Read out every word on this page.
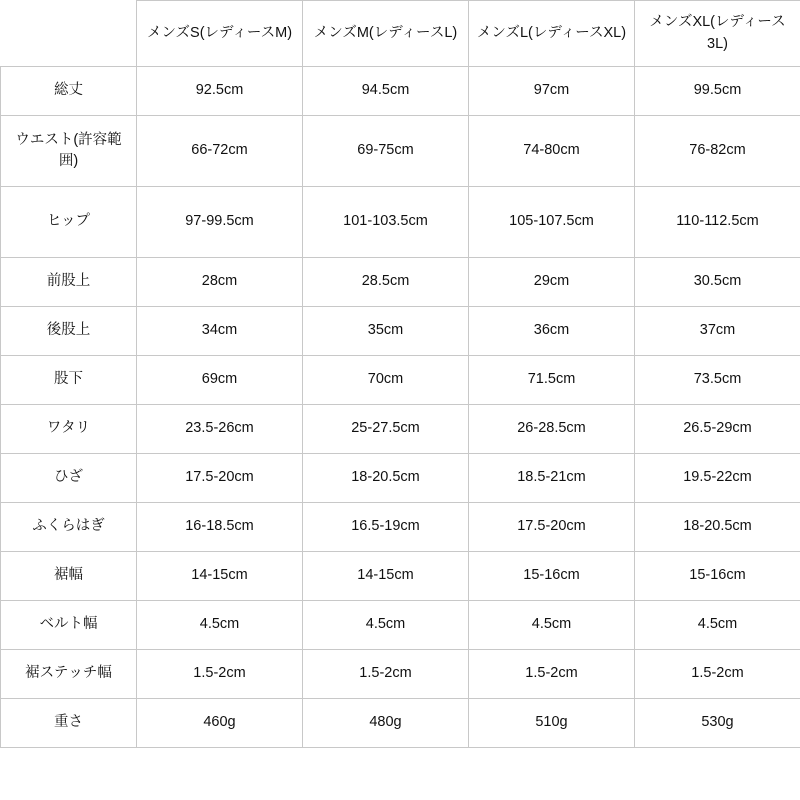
	メンズS(レディースM)	メンズM(レディースL)	メンズL(レディースXL)	メンズXL(レディース3L)
総丈	92.5cm	94.5cm	97cm	99.5cm
ウエスト(許容範囲)	66-72cm	69-75cm	74-80cm	76-82cm
ヒップ	97-99.5cm	101-103.5cm	105-107.5cm	110-112.5cm
前股上	28cm	28.5cm	29cm	30.5cm
後股上	34cm	35cm	36cm	37cm
股下	69cm	70cm	71.5cm	73.5cm
ワタリ	23.5-26cm	25-27.5cm	26-28.5cm	26.5-29cm
ひざ	17.5-20cm	18-20.5cm	18.5-21cm	19.5-22cm
ふくらはぎ	16-18.5cm	16.5-19cm	17.5-20cm	18-20.5cm
裾幅	14-15cm	14-15cm	15-16cm	15-16cm
ベルト幅	4.5cm	4.5cm	4.5cm	4.5cm
裾ステッチ幅	1.5-2cm	1.5-2cm	1.5-2cm	1.5-2cm
重さ	460g	480g	510g	530g
